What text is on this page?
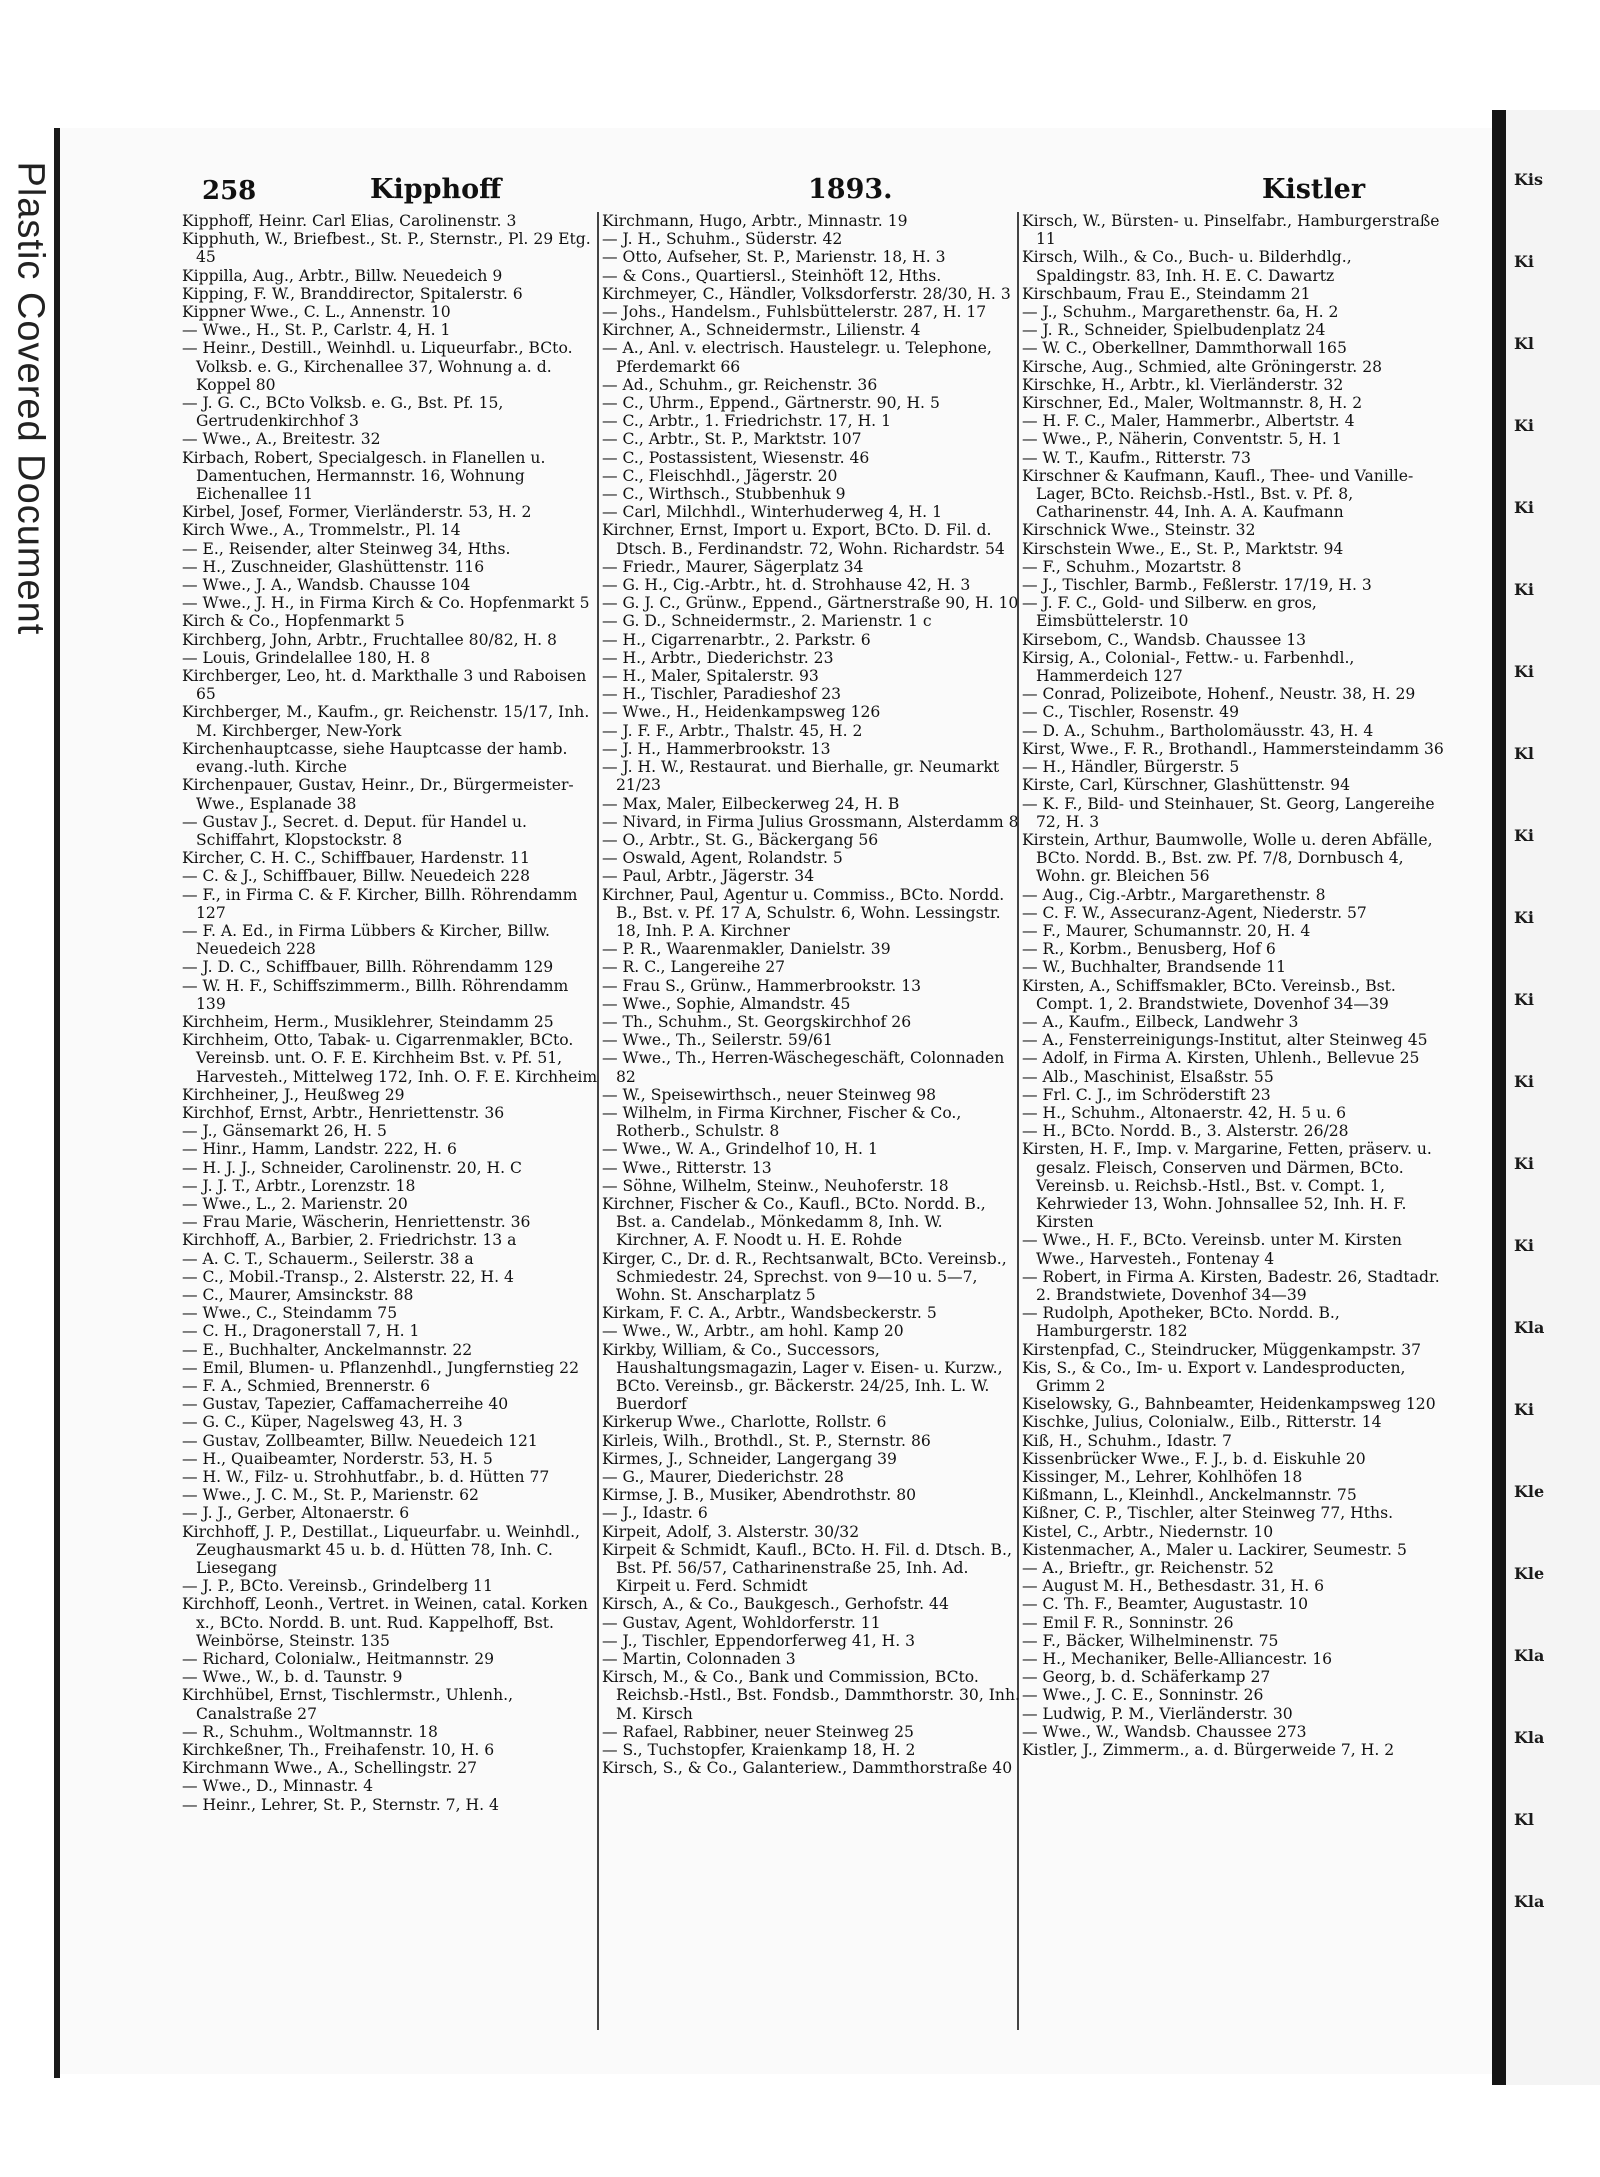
Plastic Covered Document	Kis
Ki
Kl
Ki
Ki
Ki
Ki
Kl
Ki
Ki
Ki
Ki
Ki
Ki
Kla
Ki
Kle
Kle
Kla
Kla
Kl
Kla
258	Kipphoff	1893.	Kistler
Kipphoff, Heinr. Carl Elias, Carolinenstr. 3
Kipphuth, W., Briefbest., St. P., Sternstr., Pl. 29 Etg. 45
Kippilla, Aug., Arbtr., Billw. Neuedeich 9
Kipping, F. W., Branddirector, Spitalerstr. 6
Kippner Wwe., C. L., Annenstr. 10
— Wwe., H., St. P., Carlstr. 4, H. 1
— Heinr., Destill., Weinhdl. u. Liqueurfabr., BCto. Volksb. e. G., Kirchenallee 37, Wohnung a. d. Koppel 80
— J. G. C., BCto Volksb. e. G., Bst. Pf. 15, Gertrudenkirchhof 3
— Wwe., A., Breitestr. 32
Kirbach, Robert, Specialgesch. in Flanellen u. Damentuchen, Hermannstr. 16, Wohnung Eichenallee 11
Kirbel, Josef, Former, Vierländerstr. 53, H. 2
Kirch Wwe., A., Trommelstr., Pl. 14
— E., Reisender, alter Steinweg 34, Hths.
— H., Zuschneider, Glashüttenstr. 116
— Wwe., J. A., Wandsb. Chausse 104
— Wwe., J. H., in Firma Kirch & Co. Hopfenmarkt 5
Kirch & Co., Hopfenmarkt 5
Kirchberg, John, Arbtr., Fruchtallee 80/82, H. 8
— Louis, Grindelallee 180, H. 8
Kirchberger, Leo, ht. d. Markthalle 3 und Raboisen 65
Kirchberger, M., Kaufm., gr. Reichenstr. 15/17, Inh. M. Kirchberger, New-York
Kirchenhauptcasse, siehe Hauptcasse der hamb. evang.-luth. Kirche
Kirchenpauer, Gustav, Heinr., Dr., Bürgermeister-Wwe., Esplanade 38
— Gustav J., Secret. d. Deput. für Handel u. Schiffahrt, Klopstockstr. 8
Kircher, C. H. C., Schiffbauer, Hardenstr. 11
— C. & J., Schiffbauer, Billw. Neuedeich 228
— F., in Firma C. & F. Kircher, Billh. Röhrendamm 127
— F. A. Ed., in Firma Lübbers & Kircher, Billw. Neuedeich 228
— J. D. C., Schiffbauer, Billh. Röhrendamm 129
— W. H. F., Schiffszimmerm., Billh. Röhrendamm 139
Kirchheim, Herm., Musiklehrer, Steindamm 25
Kirchheim, Otto, Tabak- u. Cigarrenmakler, BCto. Vereinsb. unt. O. F. E. Kirchheim Bst. v. Pf. 51, Harvesteh., Mittelweg 172, Inh. O. F. E. Kirchheim
Kirchheiner, J., Heußweg 29
Kirchhof, Ernst, Arbtr., Henriettenstr. 36
— J., Gänsemarkt 26, H. 5
— Hinr., Hamm, Landstr. 222, H. 6
— H. J. J., Schneider, Carolinenstr. 20, H. C
— J. J. T., Arbtr., Lorenzstr. 18
— Wwe., L., 2. Marienstr. 20
— Frau Marie, Wäscherin, Henriettenstr. 36
Kirchhoff, A., Barbier, 2. Friedrichstr. 13 a
— A. C. T., Schauerm., Seilerstr. 38 a
— C., Mobil.-Transp., 2. Alsterstr. 22, H. 4
— C., Maurer, Amsinckstr. 88
— Wwe., C., Steindamm 75
— C. H., Dragonerstall 7, H. 1
— E., Buchhalter, Anckelmannstr. 22
— Emil, Blumen- u. Pflanzenhdl., Jungfernstieg 22
— F. A., Schmied, Brennerstr. 6
— Gustav, Tapezier, Caffamacherreihe 40
— G. C., Küper, Nagelsweg 43, H. 3
— Gustav, Zollbeamter, Billw. Neuedeich 121
— H., Quaibeamter, Norderstr. 53, H. 5
— H. W., Filz- u. Strohhutfabr., b. d. Hütten 77
— Wwe., J. C. M., St. P., Marienstr. 62
— J. J., Gerber, Altonaerstr. 6
Kirchhoff, J. P., Destillat., Liqueurfabr. u. Weinhdl., Zeughausmarkt 45 u. b. d. Hütten 78, Inh. C. Liesegang
— J. P., BCto. Vereinsb., Grindelberg 11
Kirchhoff, Leonh., Vertret. in Weinen, catal. Korken x., BCto. Nordd. B. unt. Rud. Kappelhoff, Bst. Weinbörse, Steinstr. 135
— Richard, Colonialw., Heitmannstr. 29
— Wwe., W., b. d. Taunstr. 9
Kirchhübel, Ernst, Tischlermstr., Uhlenh., Canalstraße 27
— R., Schuhm., Woltmannstr. 18
Kirchkeßner, Th., Freihafenstr. 10, H. 6
Kirchmann Wwe., A., Schellingstr. 27
— Wwe., D., Minnastr. 4
— Heinr., Lehrer, St. P., Sternstr. 7, H. 4
Kirchmann, Hugo, Arbtr., Minnastr. 19
— J. H., Schuhm., Süderstr. 42
— Otto, Aufseher, St. P., Marienstr. 18, H. 3
— & Cons., Quartiersl., Steinhöft 12, Hths.
Kirchmeyer, C., Händler, Volksdorferstr. 28/30, H. 3
— Johs., Handelsm., Fuhlsbüttelerstr. 287, H. 17
Kirchner, A., Schneidermstr., Lilienstr. 4
— A., Anl. v. electrisch. Haustelegr. u. Telephone, Pferdemarkt 66
— Ad., Schuhm., gr. Reichenstr. 36
— C., Uhrm., Eppend., Gärtnerstr. 90, H. 5
— C., Arbtr., 1. Friedrichstr. 17, H. 1
— C., Arbtr., St. P., Marktstr. 107
— C., Postassistent, Wiesenstr. 46
— C., Fleischhdl., Jägerstr. 20
— C., Wirthsch., Stubbenhuk 9
— Carl, Milchhdl., Winterhuderweg 4, H. 1
Kirchner, Ernst, Import u. Export, BCto. D. Fil. d. Dtsch. B., Ferdinandstr. 72, Wohn. Richardstr. 54
— Friedr., Maurer, Sägerplatz 34
— G. H., Cig.-Arbtr., ht. d. Strohhause 42, H. 3
— G. J. C., Grünw., Eppend., Gärtnerstraße 90, H. 10
— G. D., Schneidermstr., 2. Marienstr. 1 c
— H., Cigarrenarbtr., 2. Parkstr. 6
— H., Arbtr., Diederichstr. 23
— H., Maler, Spitalerstr. 93
— H., Tischler, Paradieshof 23
— Wwe., H., Heidenkampsweg 126
— J. F. F., Arbtr., Thalstr. 45, H. 2
— J. H., Hammerbrookstr. 13
— J. H. W., Restaurat. und Bierhalle, gr. Neumarkt 21/23
— Max, Maler, Eilbeckerweg 24, H. B
— Nivard, in Firma Julius Grossmann, Alsterdamm 8
— O., Arbtr., St. G., Bäckergang 56
— Oswald, Agent, Rolandstr. 5
— Paul, Arbtr., Jägerstr. 34
Kirchner, Paul, Agentur u. Commiss., BCto. Nordd. B., Bst. v. Pf. 17 A, Schulstr. 6, Wohn. Lessingstr. 18, Inh. P. A. Kirchner
— P. R., Waarenmakler, Danielstr. 39
— R. C., Langereihe 27
— Frau S., Grünw., Hammerbrookstr. 13
— Wwe., Sophie, Almandstr. 45
— Th., Schuhm., St. Georgskirchhof 26
— Wwe., Th., Seilerstr. 59/61
— Wwe., Th., Herren-Wäschegeschäft, Colonnaden 82
— W., Speisewirthsch., neuer Steinweg 98
— Wilhelm, in Firma Kirchner, Fischer & Co., Rotherb., Schulstr. 8
— Wwe., W. A., Grindelhof 10, H. 1
— Wwe., Ritterstr. 13
— Söhne, Wilhelm, Steinw., Neuhoferstr. 18
Kirchner, Fischer & Co., Kaufl., BCto. Nordd. B., Bst. a. Candelab., Mönkedamm 8, Inh. W. Kirchner, A. F. Noodt u. H. E. Rohde
Kirger, C., Dr. d. R., Rechtsanwalt, BCto. Vereinsb., Schmiedestr. 24, Sprechst. von 9—10 u. 5—7, Wohn. St. Anscharplatz 5
Kirkam, F. C. A., Arbtr., Wandsbeckerstr. 5
— Wwe., W., Arbtr., am hohl. Kamp 20
Kirkby, William, & Co., Successors, Haushaltungsmagazin, Lager v. Eisen- u. Kurzw., BCto. Vereinsb., gr. Bäckerstr. 24/25, Inh. L. W. Buerdorf
Kirkerup Wwe., Charlotte, Rollstr. 6
Kirleis, Wilh., Brothdl., St. P., Sternstr. 86
Kirmes, J., Schneider, Langergang 39
— G., Maurer, Diederichstr. 28
Kirmse, J. B., Musiker, Abendrothstr. 80
— J., Idastr. 6
Kirpeit, Adolf, 3. Alsterstr. 30/32
Kirpeit & Schmidt, Kaufl., BCto. H. Fil. d. Dtsch. B., Bst. Pf. 56/57, Catharinenstraße 25, Inh. Ad. Kirpeit u. Ferd. Schmidt
Kirsch, A., & Co., Baukgesch., Gerhofstr. 44
— Gustav, Agent, Wohldorferstr. 11
— J., Tischler, Eppendorferweg 41, H. 3
— Martin, Colonnaden 3
Kirsch, M., & Co., Bank und Commission, BCto. Reichsb.-Hstl., Bst. Fondsb., Dammthorstr. 30, Inh. M. Kirsch
— Rafael, Rabbiner, neuer Steinweg 25
— S., Tuchstopfer, Kraienkamp 18, H. 2
Kirsch, S., & Co., Galanteriew., Dammthorstraße 40
Kirsch, W., Bürsten- u. Pinselfabr., Hamburgerstraße 11
Kirsch, Wilh., & Co., Buch- u. Bilderhdlg., Spaldingstr. 83, Inh. H. E. C. Dawartz
Kirschbaum, Frau E., Steindamm 21
— J., Schuhm., Margarethenstr. 6a, H. 2
— J. R., Schneider, Spielbudenplatz 24
— W. C., Oberkellner, Dammthorwall 165
Kirsche, Aug., Schmied, alte Gröningerstr. 28
Kirschke, H., Arbtr., kl. Vierländerstr. 32
Kirschner, Ed., Maler, Woltmannstr. 8, H. 2
— H. F. C., Maler, Hammerbr., Albertstr. 4
— Wwe., P., Näherin, Conventstr. 5, H. 1
— W. T., Kaufm., Ritterstr. 73
Kirschner & Kaufmann, Kaufl., Thee- und Vanille-Lager, BCto. Reichsb.-Hstl., Bst. v. Pf. 8, Catharinenstr. 44, Inh. A. A. Kaufmann
Kirschnick Wwe., Steinstr. 32
Kirschstein Wwe., E., St. P., Marktstr. 94
— F., Schuhm., Mozartstr. 8
— J., Tischler, Barmb., Feßlerstr. 17/19, H. 3
— J. F. C., Gold- und Silberw. en gros, Eimsbüttelerstr. 10
Kirsebom, C., Wandsb. Chaussee 13
Kirsig, A., Colonial-, Fettw.- u. Farbenhdl., Hammerdeich 127
— Conrad, Polizeibote, Hohenf., Neustr. 38, H. 29
— C., Tischler, Rosenstr. 49
— D. A., Schuhm., Bartholomäusstr. 43, H. 4
Kirst, Wwe., F. R., Brothandl., Hammersteindamm 36
— H., Händler, Bürgerstr. 5
Kirste, Carl, Kürschner, Glashüttenstr. 94
— K. F., Bild- und Steinhauer, St. Georg, Langereihe 72, H. 3
Kirstein, Arthur, Baumwolle, Wolle u. deren Abfälle, BCto. Nordd. B., Bst. zw. Pf. 7/8, Dornbusch 4, Wohn. gr. Bleichen 56
— Aug., Cig.-Arbtr., Margarethenstr. 8
— C. F. W., Assecuranz-Agent, Niederstr. 57
— F., Maurer, Schumannstr. 20, H. 4
— R., Korbm., Benusberg, Hof 6
— W., Buchhalter, Brandsende 11
Kirsten, A., Schiffsmakler, BCto. Vereinsb., Bst. Compt. 1, 2. Brandstwiete, Dovenhof 34—39
— A., Kaufm., Eilbeck, Landwehr 3
— A., Fensterreinigungs-Institut, alter Steinweg 45
— Adolf, in Firma A. Kirsten, Uhlenh., Bellevue 25
— Alb., Maschinist, Elsaßstr. 55
— Frl. C. J., im Schröderstift 23
— H., Schuhm., Altonaerstr. 42, H. 5 u. 6
— H., BCto. Nordd. B., 3. Alsterstr. 26/28
Kirsten, H. F., Imp. v. Margarine, Fetten, präserv. u. gesalz. Fleisch, Conserven und Därmen, BCto. Vereinsb. u. Reichsb.-Hstl., Bst. v. Compt. 1, Kehrwieder 13, Wohn. Johnsallee 52, Inh. H. F. Kirsten
— Wwe., H. F., BCto. Vereinsb. unter M. Kirsten Wwe., Harvesteh., Fontenay 4
— Robert, in Firma A. Kirsten, Badestr. 26, Stadtadr. 2. Brandstwiete, Dovenhof 34—39
— Rudolph, Apotheker, BCto. Nordd. B., Hamburgerstr. 182
Kirstenpfad, C., Steindrucker, Müggenkampstr. 37
Kis, S., & Co., Im- u. Export v. Landesproducten, Grimm 2
Kiselowsky, G., Bahnbeamter, Heidenkampsweg 120
Kischke, Julius, Colonialw., Eilb., Ritterstr. 14
Kiß, H., Schuhm., Idastr. 7
Kissenbrücker Wwe., F. J., b. d. Eiskuhle 20
Kissinger, M., Lehrer, Kohlhöfen 18
Kißmann, L., Kleinhdl., Anckelmannstr. 75
Kißner, C. P., Tischler, alter Steinweg 77, Hths.
Kistel, C., Arbtr., Niedernstr. 10
Kistenmacher, A., Maler u. Lackirer, Seumestr. 5
— A., Brieftr., gr. Reichenstr. 52
— August M. H., Bethesdastr. 31, H. 6
— C. Th. F., Beamter, Augustastr. 10
— Emil F. R., Sonninstr. 26
— F., Bäcker, Wilhelminenstr. 75
— H., Mechaniker, Belle-Alliancestr. 16
— Georg, b. d. Schäferkamp 27
— Wwe., J. C. E., Sonninstr. 26
— Ludwig, P. M., Vierländerstr. 30
— Wwe., W., Wandsb. Chaussee 273
Kistler, J., Zimmerm., a. d. Bürgerweide 7, H. 2
